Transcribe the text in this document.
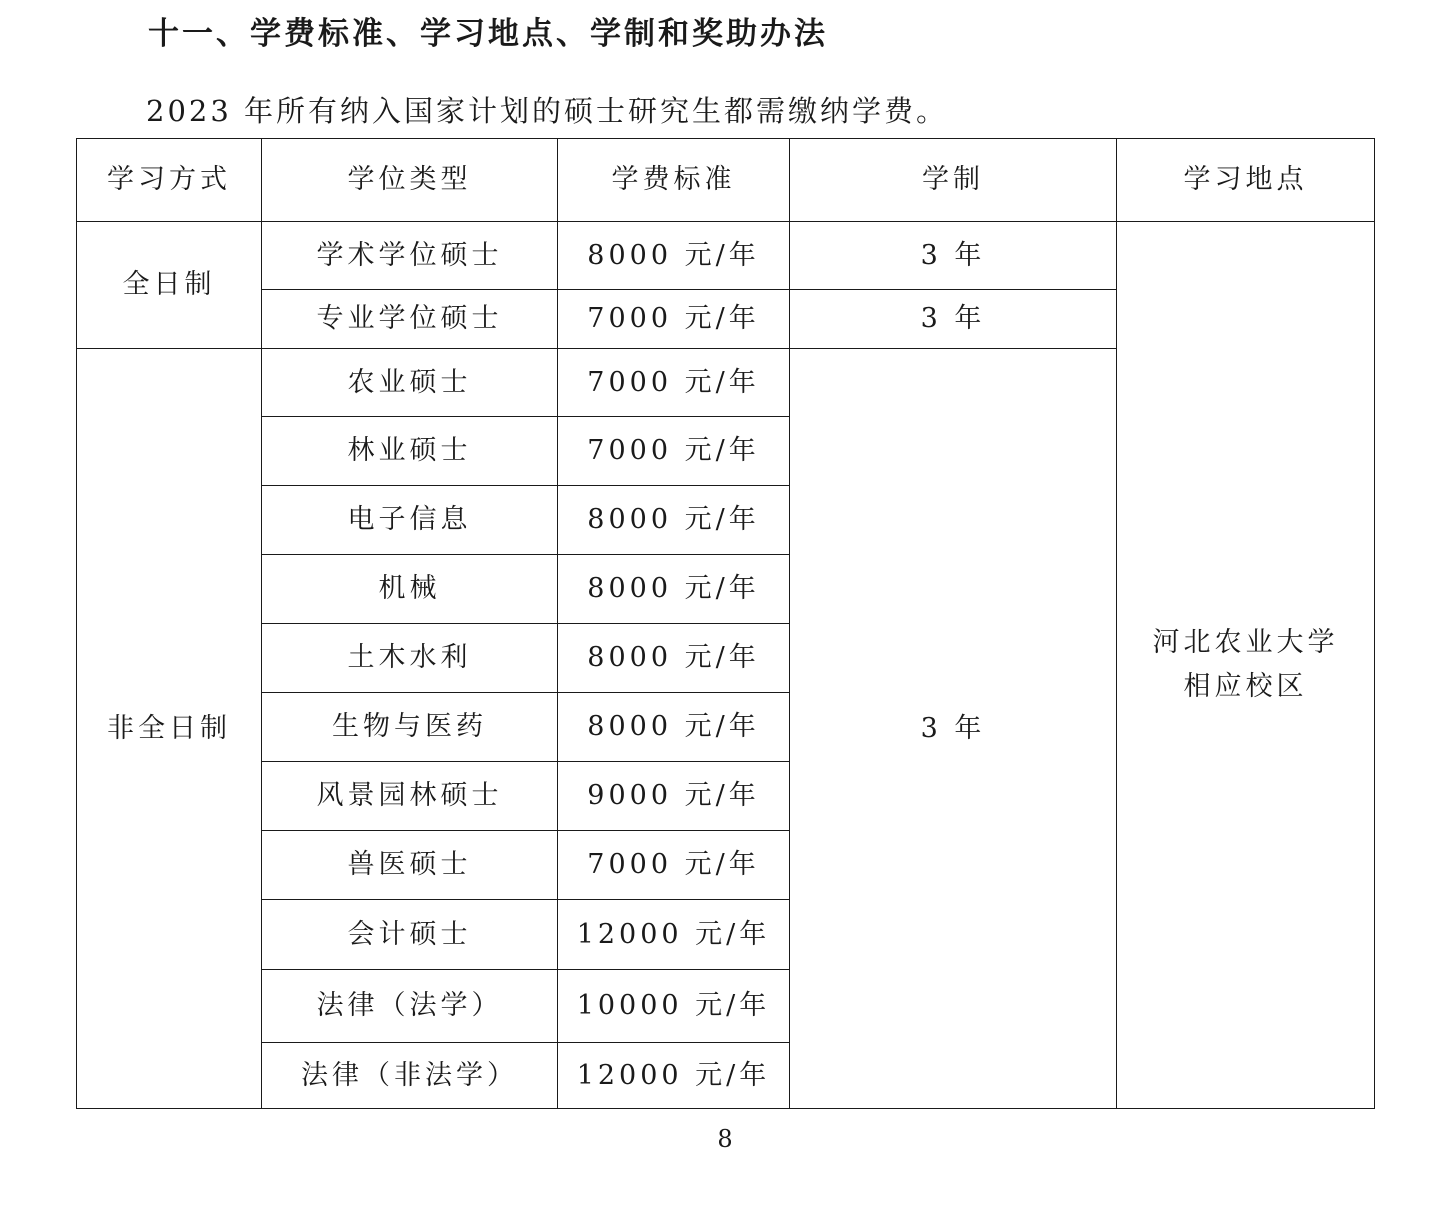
十一、学费标准、学习地点、学制和奖助办法
2023 年所有纳入国家计划的硕士研究生都需缴纳学费。
学习方式	学位类型	学费标准	学制	学习地点
全日制	学术学位硕士	8000 元/年	3 年	河北农业大学
相应校区

	专业学位硕士	7000 元/年	3 年	
非全日制	农业硕士	7000 元/年	3 年	
	林业硕士	7000 元/年		
	电子信息	8000 元/年		
	机械	8000 元/年		
	土木水利	8000 元/年		
	生物与医药	8000 元/年		
	风景园林硕士	9000 元/年		
	兽医硕士	7000 元/年		
	会计硕士	12000 元/年		
	法律（法学）	10000 元/年		
	法律（非法学）	12000 元/年		
8
